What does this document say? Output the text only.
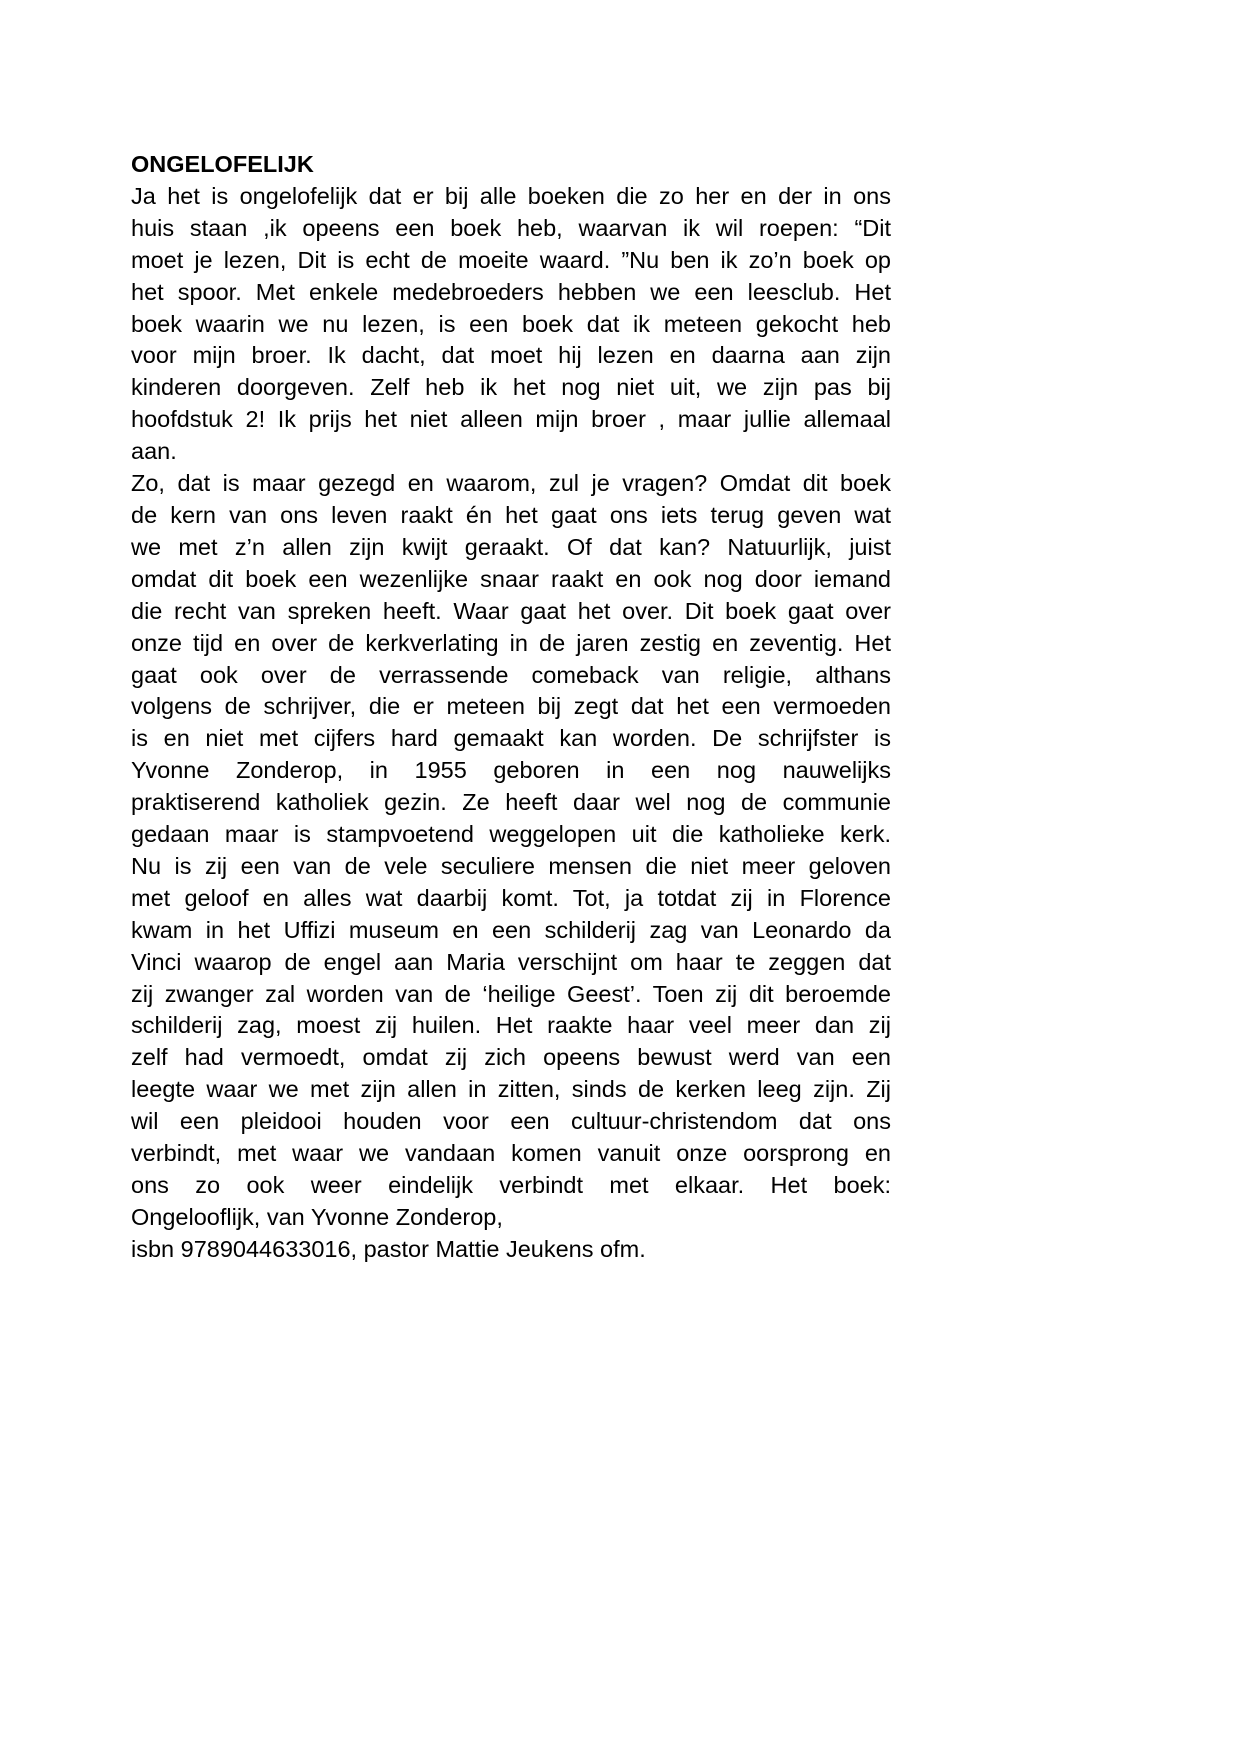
ONGELOFELIJK
Ja het is ongelofelijk dat er bij alle boeken die zo her en der in ons
huis staan ,ik opeens een boek heb, waarvan ik wil roepen: “Dit
moet je lezen, Dit is echt de moeite waard. ”Nu ben ik zo’n boek op
het spoor. Met enkele medebroeders hebben we een leesclub. Het
boek waarin we nu lezen, is een boek dat ik meteen gekocht heb
voor mijn broer. Ik dacht, dat moet hij lezen en daarna aan zijn
kinderen doorgeven. Zelf heb ik het nog niet uit, we zijn pas bij
hoofdstuk 2! Ik prijs het niet alleen mijn broer , maar jullie allemaal
aan.
Zo, dat is maar gezegd en waarom, zul je vragen? Omdat dit boek
de kern van ons leven raakt én het gaat ons iets terug geven wat
we met z’n allen zijn kwijt geraakt. Of dat kan? Natuurlijk, juist
omdat dit boek een wezenlijke snaar raakt en ook nog door iemand
die recht van spreken heeft. Waar gaat het over. Dit boek gaat over
onze tijd en over de kerkverlating in de jaren zestig en zeventig. Het
gaat ook over de verrassende comeback van religie, althans
volgens de schrijver, die er meteen bij zegt dat het een vermoeden
is en niet met cijfers hard gemaakt kan worden. De schrijfster is
Yvonne Zonderop, in 1955 geboren in een nog nauwelijks
praktiserend katholiek gezin. Ze heeft daar wel nog de communie
gedaan maar is stampvoetend weggelopen uit die katholieke kerk.
Nu is zij een van de vele seculiere mensen die niet meer geloven
met geloof en alles wat daarbij komt. Tot, ja totdat zij in Florence
kwam in het Uffizi museum en een schilderij zag van Leonardo da
Vinci waarop de engel aan Maria verschijnt om haar te zeggen dat
zij zwanger zal worden van de ‘heilige Geest’. Toen zij dit beroemde
schilderij zag, moest zij huilen. Het raakte haar veel meer dan zij
zelf had vermoedt, omdat zij zich opeens bewust werd van een
leegte waar we met zijn allen in zitten, sinds de kerken leeg zijn. Zij
wil een pleidooi houden voor een cultuur-christendom dat ons
verbindt, met waar we vandaan komen vanuit onze oorsprong en
ons zo ook weer eindelijk verbindt met elkaar. Het boek:
Ongelooflijk, van Yvonne Zonderop,
isbn 9789044633016, pastor Mattie Jeukens ofm.
